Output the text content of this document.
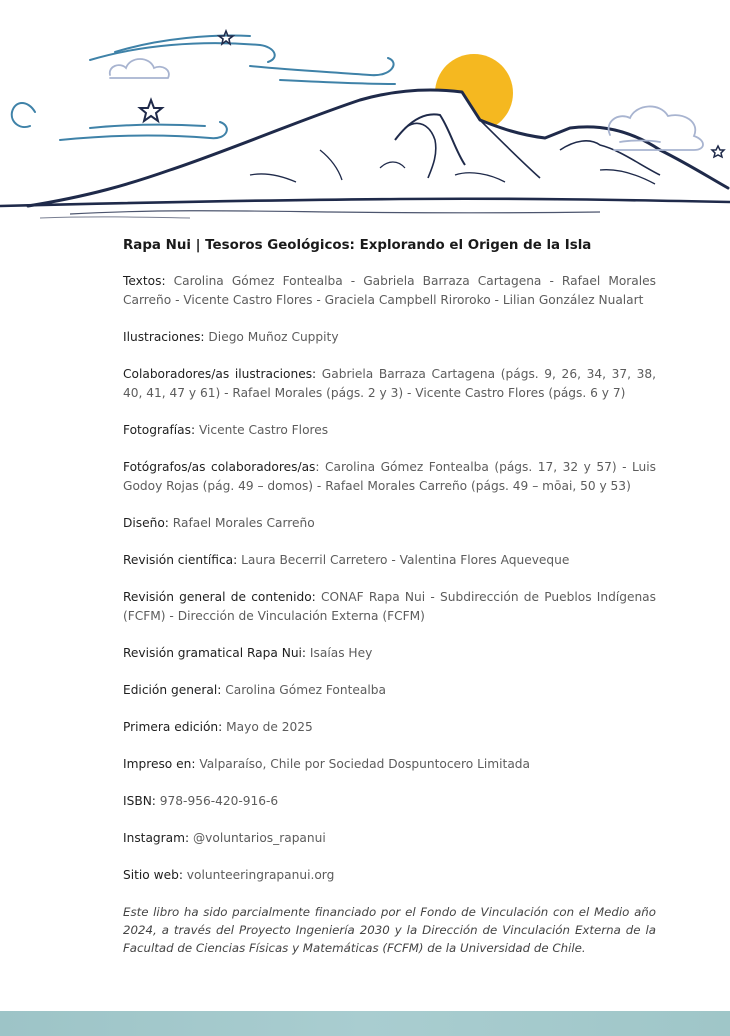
Rapa Nui | Tesoros Geológicos: Explorando el Origen de la Isla
Textos: Carolina Gómez Fontealba - Gabriela Barraza Cartagena - Rafael Morales Carreño - Vicente Castro Flores - Graciela Campbell Riroroko - Lilian González Nualart
Ilustraciones: Diego Muñoz Cuppity
Colaboradores/as ilustraciones: Gabriela Barraza Cartagena (págs. 9, 26, 34, 37, 38, 40, 41, 47 y 61) - Rafael Morales (págs. 2 y 3) - Vicente Castro Flores (págs. 6 y 7)
Fotografías: Vicente Castro Flores
Fotógrafos/as colaboradores/as: Carolina Gómez Fontealba (págs. 17, 32 y 57) - Luis Godoy Rojas (pág. 49 – domos) - Rafael Morales Carreño (págs. 49 – mōai, 50 y 53)
Diseño: Rafael Morales Carreño
Revisión científica: Laura Becerril Carretero - Valentina Flores Aqueveque
Revisión general de contenido: CONAF Rapa Nui - Subdirección de Pueblos Indígenas (FCFM) - Dirección de Vinculación Externa (FCFM)
Revisión gramatical Rapa Nui: Isaías Hey
Edición general: Carolina Gómez Fontealba
Primera edición: Mayo de 2025
Impreso en: Valparaíso, Chile por Sociedad Dospuntocero Limitada
ISBN: 978-956-420-916-6
Instagram: @voluntarios_rapanui
Sitio web: volunteeringrapanui.org
Este libro ha sido parcialmente financiado por el Fondo de Vinculación con el Medio año 2024, a través del Proyecto Ingeniería 2030 y la Dirección de Vinculación Externa de la Facultad de Ciencias Físicas y Matemáticas (FCFM) de la Universidad de Chile.
